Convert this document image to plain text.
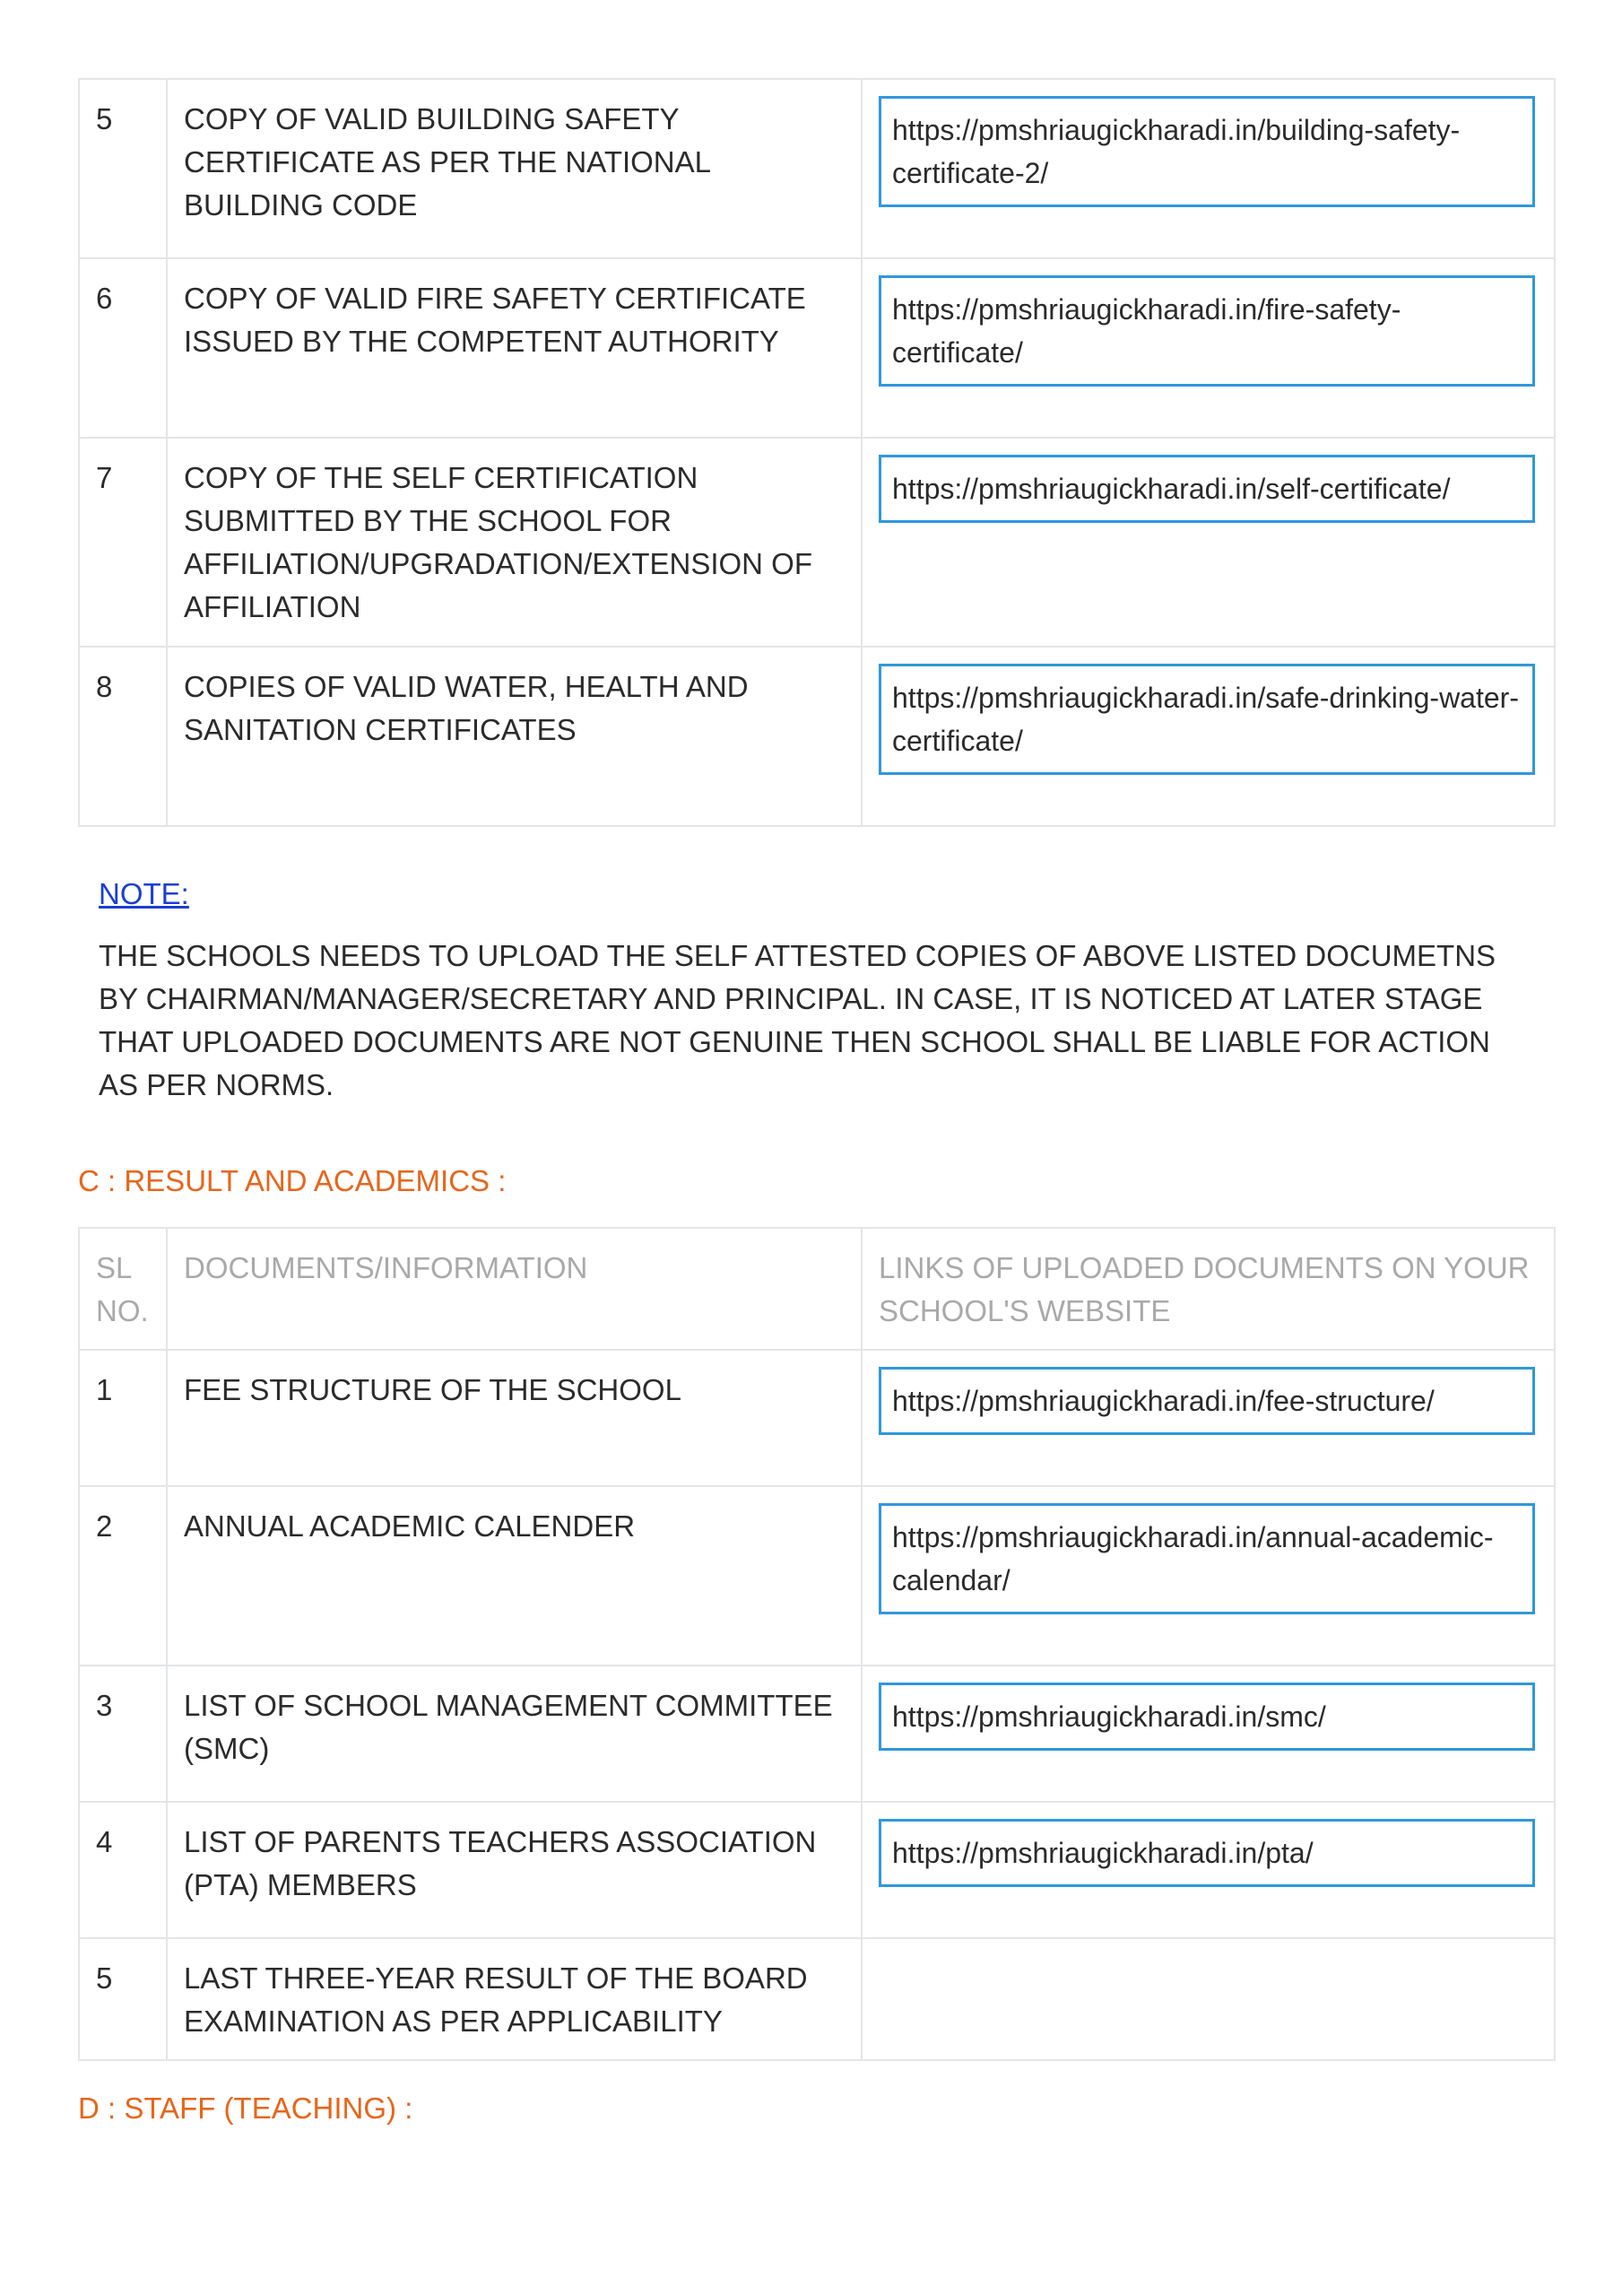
5	COPY OF VALID BUILDING SAFETY CERTIFICATE AS PER THE NATIONAL BUILDING CODE	https://pmshriaugickharadi.in/building-safety-certificate-2/

6	COPY OF VALID FIRE SAFETY CERTIFICATE ISSUED BY THE COMPETENT AUTHORITY	https://pmshriaugickharadi.in/fire-safety-certificate/

7	COPY OF THE SELF CERTIFICATION SUBMITTED BY THE SCHOOL FOR AFFILIATION/UPGRADATION/EXTENSION OF AFFILIATION	https://pmshriaugickharadi.in/self-certificate/

8	COPIES OF VALID WATER, HEALTH AND SANITATION CERTIFICATES	https://pmshriaugickharadi.in/safe-drinking-water-certificate/
NOTE:
THE SCHOOLS NEEDS TO UPLOAD THE SELF ATTESTED COPIES OF ABOVE LISTED DOCUMETNS BY CHAIRMAN/MANAGER/SECRETARY AND PRINCIPAL. IN CASE, IT IS NOTICED AT LATER STAGE THAT UPLOADED DOCUMENTS ARE NOT GENUINE THEN SCHOOL SHALL BE LIABLE FOR ACTION AS PER NORMS.
C : RESULT AND ACADEMICS :
SL NO.	DOCUMENTS/INFORMATION	LINKS OF UPLOADED DOCUMENTS ON YOUR SCHOOL'S WEBSITE
1	FEE STRUCTURE OF THE SCHOOL	https://pmshriaugickharadi.in/fee-structure/

2	ANNUAL ACADEMIC CALENDER	https://pmshriaugickharadi.in/annual-academic-calendar/

3	LIST OF SCHOOL MANAGEMENT COMMITTEE (SMC)	https://pmshriaugickharadi.in/smc/

4	LIST OF PARENTS TEACHERS ASSOCIATION (PTA) MEMBERS	https://pmshriaugickharadi.in/pta/

5	LAST THREE-YEAR RESULT OF THE BOARD EXAMINATION AS PER APPLICABILITY	
D : STAFF (TEACHING) :
